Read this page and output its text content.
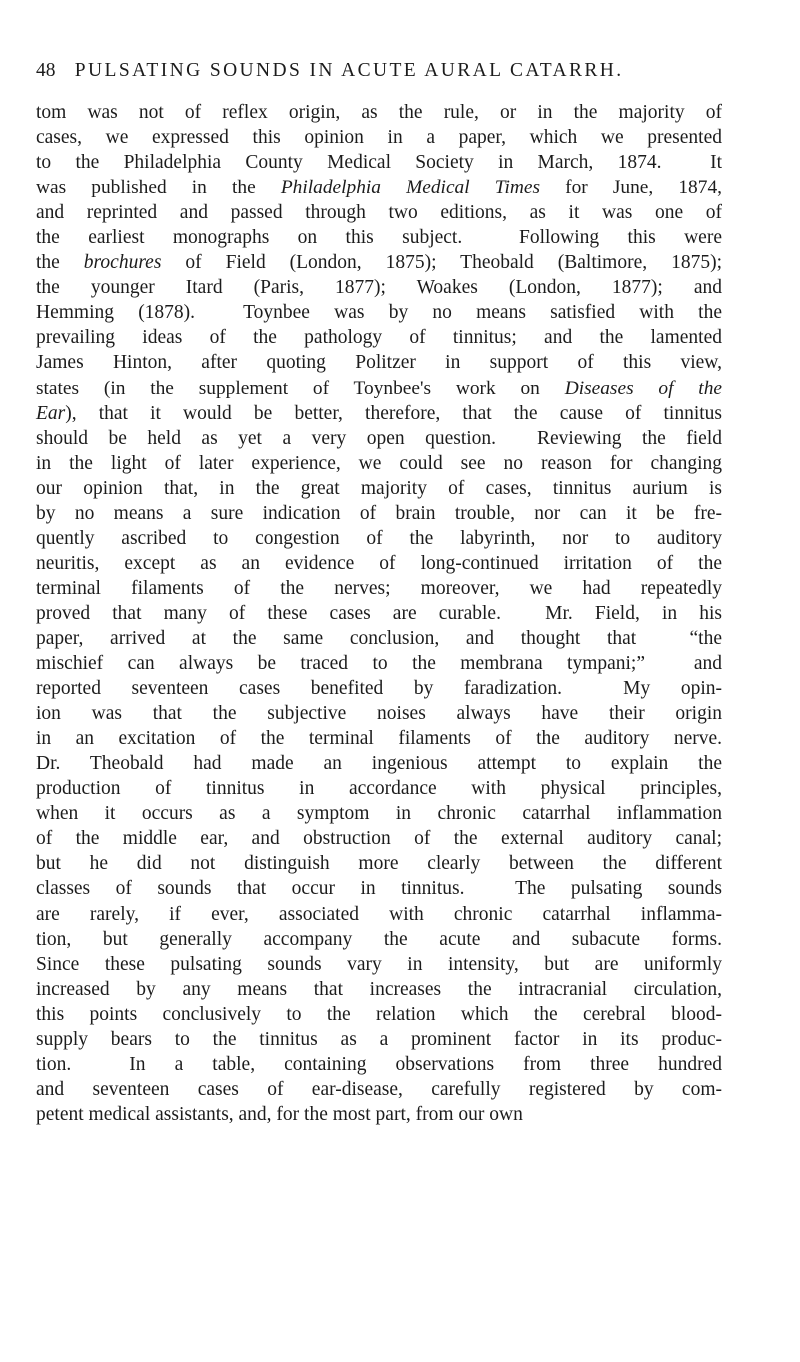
48 PULSATING SOUNDS IN ACUTE AURAL CATARRH.
tom was not of reflex origin, as the rule, or in the majority of
cases, we expressed this opinion in a paper, which we presented
to the Philadelphia County Medical Society in March, 1874.  It
was published in the Philadelphia Medical Times for June, 1874,
and reprinted and passed through two editions, as it was one of
the earliest monographs on this subject.  Following this were
the brochures of Field (London, 1875); Theobald (Baltimore, 1875);
the younger Itard (Paris, 1877); Woakes (London, 1877); and
Hemming (1878).  Toynbee was by no means satisfied with the
prevailing ideas of the pathology of tinnitus; and the lamented
James Hinton, after quoting Politzer in support of this view,
states (in the supplement of Toynbee's work on Diseases of the
Ear), that it would be better, therefore, that the cause of tinnitus
should be held as yet a very open question.  Reviewing the field
in the light of later experience, we could see no reason for changing
our opinion that, in the great majority of cases, tinnitus aurium is
by no means a sure indication of brain trouble, nor can it be fre-
quently ascribed to congestion of the labyrinth, nor to auditory
neuritis, except as an evidence of long-continued irritation of the
terminal filaments of the nerves; moreover, we had repeatedly
proved that many of these cases are curable.  Mr. Field, in his
paper, arrived at the same conclusion, and thought that  “the
mischief can always be traced to the membrana tympani;”  and
reported seventeen cases benefited by faradization.  My opin-
ion was that the subjective noises always have their origin
in an excitation of the terminal filaments of the auditory nerve.
Dr. Theobald had made an ingenious attempt to explain the
production of tinnitus in accordance with physical principles,
when it occurs as a symptom in chronic catarrhal inflammation
of the middle ear, and obstruction of the external auditory canal;
but he did not distinguish more clearly between the different
classes of sounds that occur in tinnitus.  The pulsating sounds
are rarely, if ever, associated with chronic catarrhal inflamma-
tion, but generally accompany the acute and subacute forms.
Since these pulsating sounds vary in intensity, but are uniformly
increased by any means that increases the intracranial circulation,
this points conclusively to the relation which the cerebral blood-
supply bears to the tinnitus as a prominent factor in its produc-
tion.  In a table, containing observations from three hundred
and seventeen cases of ear-disease, carefully registered by com-
petent medical assistants, and, for the most part, from our own
